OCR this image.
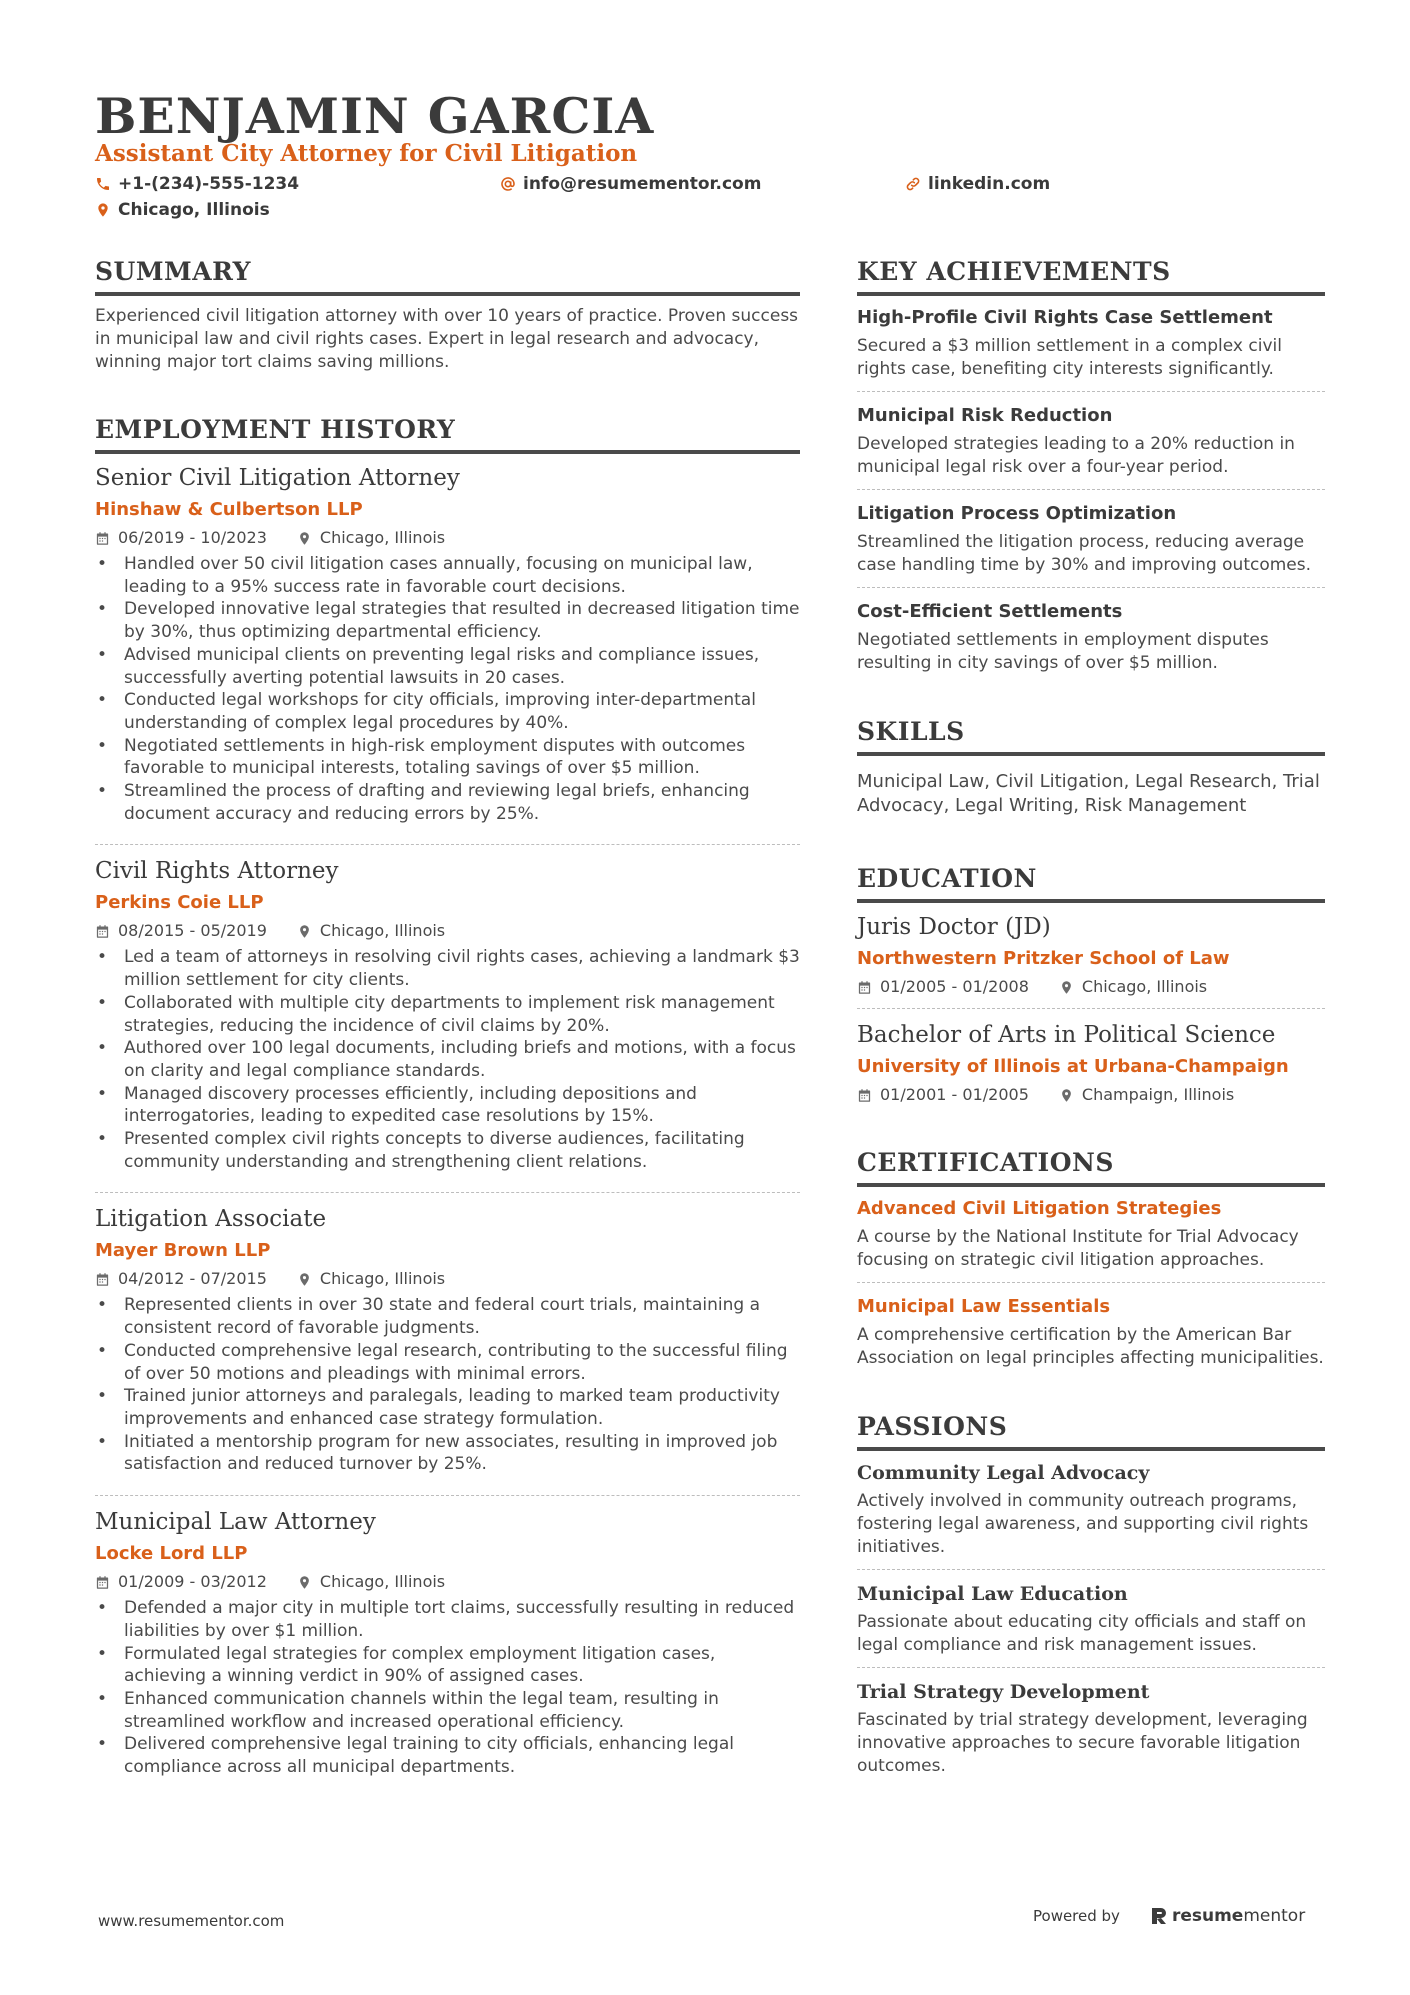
BENJAMIN GARCIA
Assistant City Attorney for Civil Litigation
+1-(234)-555-1234	info@resumementor.com	linkedin.com
Chicago, Illinois
SUMMARY
Experienced civil litigation attorney with over 10 years of practice. Proven success in municipal law and civil rights cases. Expert in legal research and advocacy, winning major tort claims saving millions.
EMPLOYMENT HISTORY
Senior Civil Litigation Attorney
Hinshaw & Culbertson LLP
06/2019 - 10/2023	Chicago, Illinois
• Handled over 50 civil litigation cases annually, focusing on municipal law, leading to a 95% success rate in favorable court decisions.
• Developed innovative legal strategies that resulted in decreased litigation time by 30%, thus optimizing departmental efficiency.
• Advised municipal clients on preventing legal risks and compliance issues, successfully averting potential lawsuits in 20 cases.
• Conducted legal workshops for city officials, improving inter-departmental understanding of complex legal procedures by 40%.
• Negotiated settlements in high-risk employment disputes with outcomes favorable to municipal interests, totaling savings of over $5 million.
• Streamlined the process of drafting and reviewing legal briefs, enhancing document accuracy and reducing errors by 25%.
Civil Rights Attorney
Perkins Coie LLP
08/2015 - 05/2019	Chicago, Illinois
• Led a team of attorneys in resolving civil rights cases, achieving a landmark $3 million settlement for city clients.
• Collaborated with multiple city departments to implement risk management strategies, reducing the incidence of civil claims by 20%.
• Authored over 100 legal documents, including briefs and motions, with a focus on clarity and legal compliance standards.
• Managed discovery processes efficiently, including depositions and interrogatories, leading to expedited case resolutions by 15%.
• Presented complex civil rights concepts to diverse audiences, facilitating community understanding and strengthening client relations.
Litigation Associate
Mayer Brown LLP
04/2012 - 07/2015	Chicago, Illinois
• Represented clients in over 30 state and federal court trials, maintaining a consistent record of favorable judgments.
• Conducted comprehensive legal research, contributing to the successful filing of over 50 motions and pleadings with minimal errors.
• Trained junior attorneys and paralegals, leading to marked team productivity improvements and enhanced case strategy formulation.
• Initiated a mentorship program for new associates, resulting in improved job satisfaction and reduced turnover by 25%.
Municipal Law Attorney
Locke Lord LLP
01/2009 - 03/2012	Chicago, Illinois
• Defended a major city in multiple tort claims, successfully resulting in reduced liabilities by over $1 million.
• Formulated legal strategies for complex employment litigation cases, achieving a winning verdict in 90% of assigned cases.
• Enhanced communication channels within the legal team, resulting in streamlined workflow and increased operational efficiency.
• Delivered comprehensive legal training to city officials, enhancing legal compliance across all municipal departments.
KEY ACHIEVEMENTS
High-Profile Civil Rights Case Settlement
Secured a $3 million settlement in a complex civil rights case, benefiting city interests significantly.
Municipal Risk Reduction
Developed strategies leading to a 20% reduction in municipal legal risk over a four-year period.
Litigation Process Optimization
Streamlined the litigation process, reducing average case handling time by 30% and improving outcomes.
Cost-Efficient Settlements
Negotiated settlements in employment disputes resulting in city savings of over $5 million.
SKILLS
Municipal Law, Civil Litigation, Legal Research, Trial Advocacy, Legal Writing, Risk Management
EDUCATION
Juris Doctor (JD)
Northwestern Pritzker School of Law
01/2005 - 01/2008	Chicago, Illinois
Bachelor of Arts in Political Science
University of Illinois at Urbana-Champaign
01/2001 - 01/2005	Champaign, Illinois
CERTIFICATIONS
Advanced Civil Litigation Strategies
A course by the National Institute for Trial Advocacy focusing on strategic civil litigation approaches.
Municipal Law Essentials
A comprehensive certification by the American Bar Association on legal principles affecting municipalities.
PASSIONS
Community Legal Advocacy
Actively involved in community outreach programs, fostering legal awareness, and supporting civil rights initiatives.
Municipal Law Education
Passionate about educating city officials and staff on legal compliance and risk management issues.
Trial Strategy Development
Fascinated by trial strategy development, leveraging innovative approaches to secure favorable litigation outcomes.
www.resumementor.com	Powered by	resume mentor
